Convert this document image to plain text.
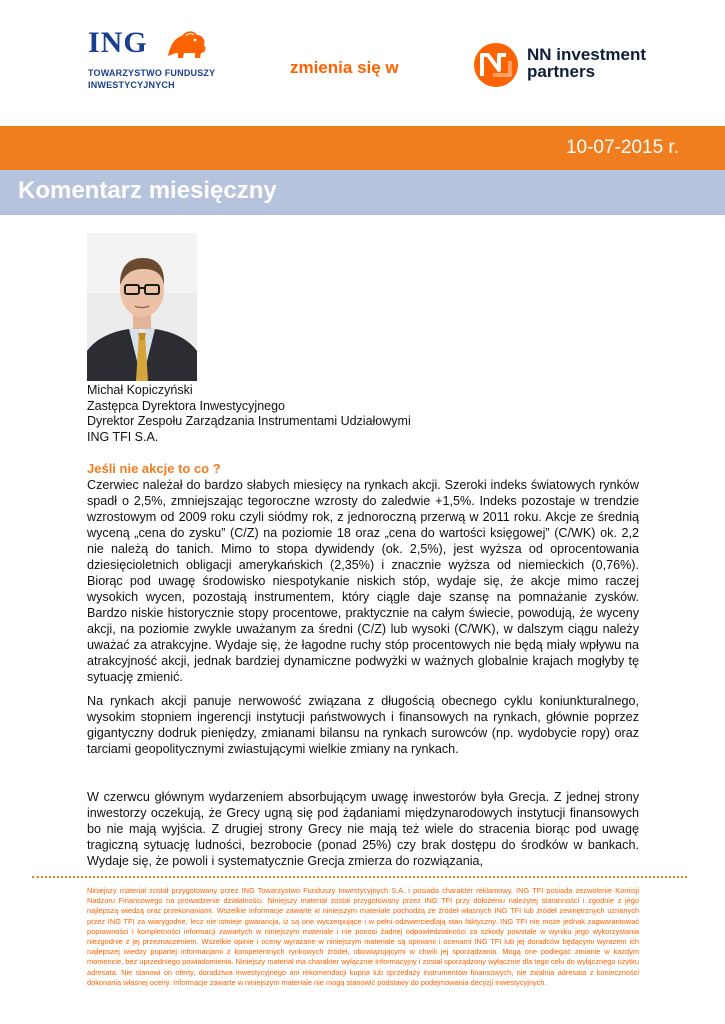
ING
TOWARZYSTWO FUNDUSZY
INWESTYCYJNYCH
zmienia się w
NN investment
partners
10-07-2015 r.
Komentarz miesięczny
Michał Kopiczyński
Zastępca Dyrektora Inwestycyjnego
Dyrektor Zespołu Zarządzania Instrumentami Udziałowymi
ING TFI S.A.
Jeśli nie akcje to co ?

Czerwiec należał do bardzo słabych miesięcy na rynkach akcji. Szeroki indeks światowych rynków spadł o 2,5%, zmniejszając tegoroczne wzrosty do zaledwie +1,5%. Indeks pozostaje w trendzie wzrostowym od 2009 roku czyli siódmy rok, z jednoroczną przerwą w 2011 roku. Akcje ze średnią wyceną „cena do zysku” (C/Z) na poziomie 18 oraz „cena do wartości księgowej” (C/WK) ok. 2,2 nie należą do tanich. Mimo to stopa dywidendy (ok. 2,5%), jest wyższa od oprocentowania dziesięcioletnich obligacji amerykańskich (2,35%) i znacznie wyższa od niemieckich (0,76%). Biorąc pod uwagę środowisko niespotykanie niskich stóp, wydaje się, że akcje mimo raczej wysokich wycen, pozostają instrumentem, który ciągle daje szansę na pomnażanie zysków. Bardzo niskie historycznie stopy procentowe, praktycznie na całym świecie, powodują, że wyceny akcji, na poziomie zwykle uważanym za średni (C/Z) lub wysoki (C/WK), w dalszym ciągu należy uważać za atrakcyjne. Wydaje się, że łagodne ruchy stóp procentowych nie będą miały wpływu na atrakcyjność akcji, jednak bardziej dynamiczne podwyżki w ważnych globalnie krajach mogłyby tę sytuację zmienić.

Na rynkach akcji panuje nerwowość związana z długością obecnego cyklu koniunkturalnego, wysokim stopniem ingerencji instytucji państwowych i finansowych na rynkach, głównie poprzez gigantyczny dodruk pieniędzy, zmianami bilansu na rynkach surowców (np. wydobycie ropy) oraz tarciami geopolitycznymi zwiastującymi wielkie zmiany na rynkach.

W czerwcu głównym wydarzeniem absorbującym uwagę inwestorów była Grecja. Z jednej strony inwestorzy oczekują, że Grecy ugną się pod żądaniami międzynarodowych instytucji finansowych bo nie mają wyjścia. Z drugiej strony Grecy nie mają też wiele do stracenia biorąc pod uwagę tragiczną sytuację ludności, bezrobocie (ponad 25%) czy brak dostępu do środków w bankach. Wydaje się, że powoli i systematycznie Grecja zmierza do rozwiązania,

Niniejszy materiał został przygotowany przez ING Towarzystwo Funduszy Inwestycyjnych S.A. i posiada charakter reklamowy. ING TFI posiada zezwolenie Komisji Nadzoru Finansowego na prowadzenie działalności. Niniejszy materiał został przygotowany przez ING TFI przy dołożeniu należytej staranności i zgodnie z jego najlepszą wiedzą oraz przekonaniami. Wszelkie informacje zawarte w niniejszym materiale pochodzą ze źródeł własnych ING TFI lub źródeł zewnętrznych uznanych przez ING TFI za wiarygodne, lecz nie istnieje gwarancja, iż są one wyczerpujące i w pełni odzwierciedlają stan faktyczny. ING TFI nie może jednak zagwarantować poprawności i kompletności informacji zawartych w niniejszym materiale i nie ponosi żadnej odpowiedzialności za szkody powstałe w wyniku jego wykorzystania niezgodnie z jej przeznaczeniem. Wszelkie opinie i oceny wyrażane w niniejszym materiale są opiniami i ocenami ING TFI lub jej doradców będącymi wyrazem ich najlepszej wiedzy popartej informacjami z kompetentnych rynkowych źródeł, obowiązującymi w chwili jej sporządzania. Mogą one podlegać zmianie w każdym momencie, bez uprzedniego powiadomienia. Niniejszy materiał ma charakter wyłącznie informacyjny i został sporządzony wyłącznie dla tego celu do wyłącznego użytku adresata. Nie stanowi on oferty, doradztwa inwestycyjnego ani rekomendacji kupna lub sprzedaży instrumentów finansowych, nie zwalnia adresata z konieczności dokonania własnej oceny. Informacje zawarte w niniejszym materiale nie mogą stanowić podstawy do podejmowania decyzji inwestycyjnych.
